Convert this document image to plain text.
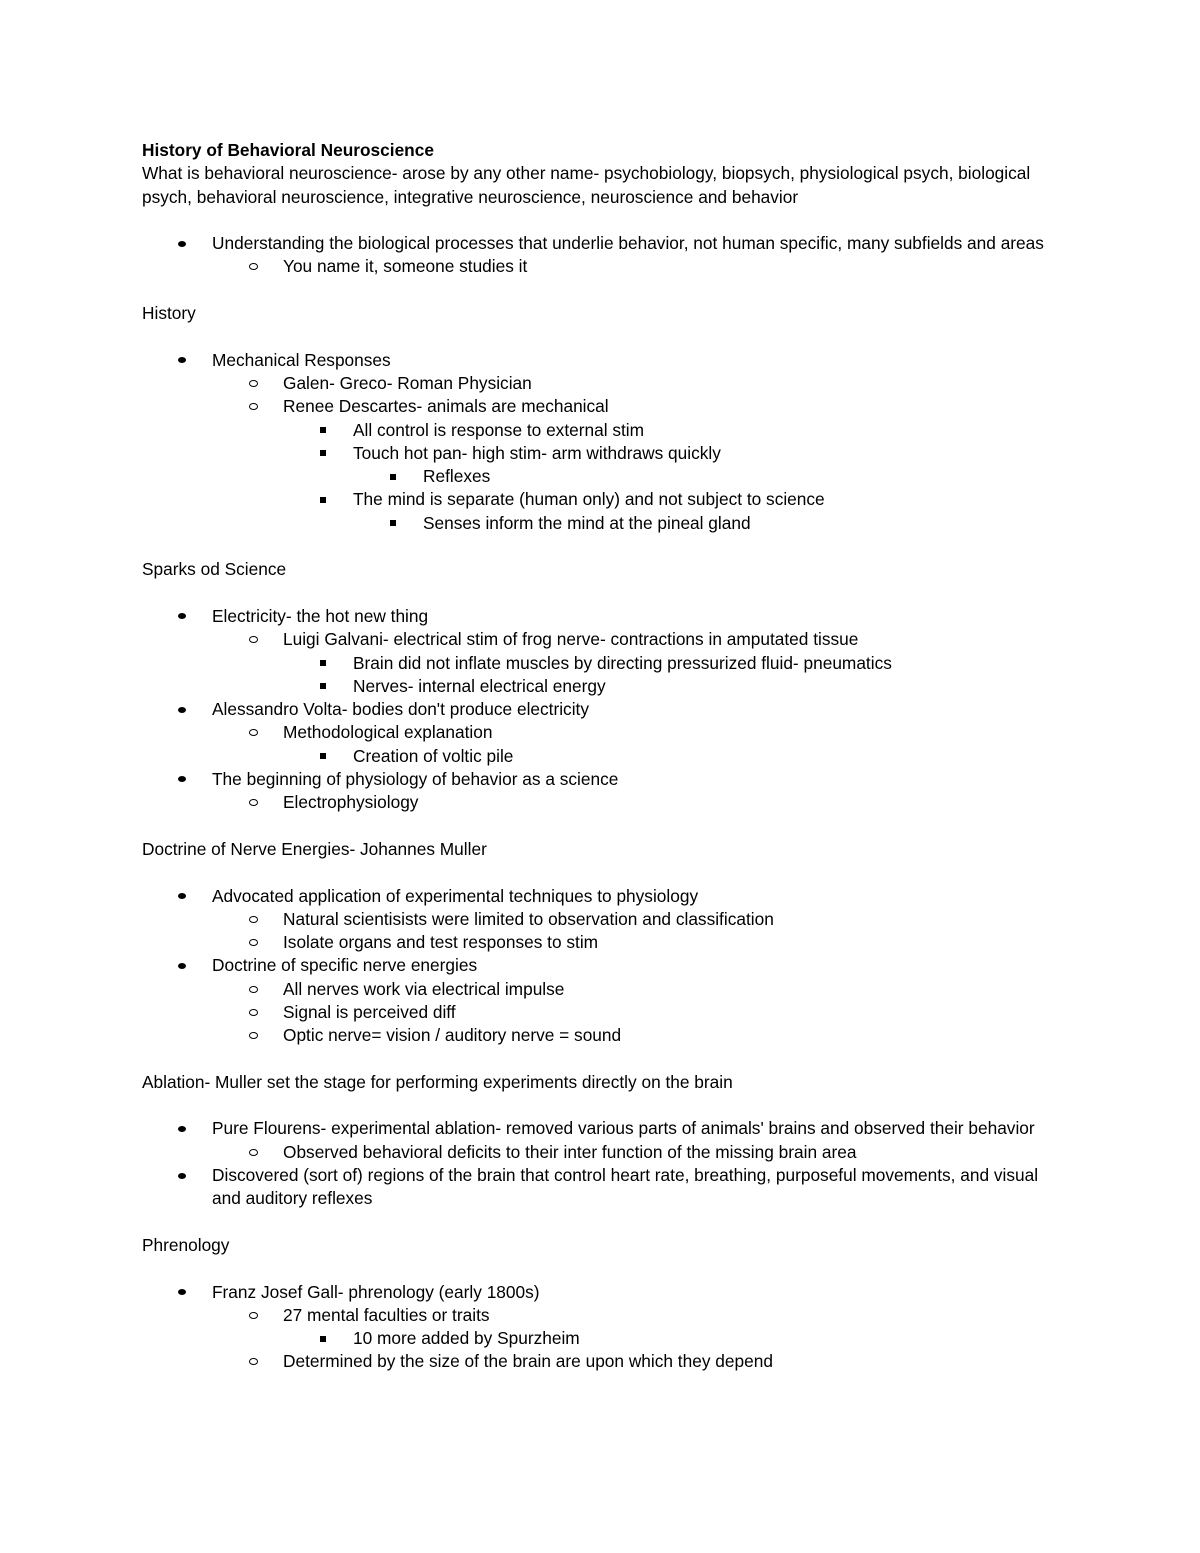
History of Behavioral Neuroscience

What is behavioral neuroscience- arose by any other name- psychobiology, biopsych, physiological psych, biological psych, behavioral neuroscience, integrative neuroscience, neuroscience and behavior

Understanding the biological processes that underlie behavior, not human specific, many subfields and areas
You name it, someone studies it

History

Mechanical Responses
Galen- Greco- Roman Physician
Renee Descartes- animals are mechanical
All control is response to external stim
Touch hot pan- high stim- arm withdraws quickly
Reflexes
The mind is separate (human only) and not subject to science
Senses inform the mind at the pineal gland

Sparks od Science

Electricity- the hot new thing
Luigi Galvani- electrical stim of frog nerve- contractions in amputated tissue
Brain did not inflate muscles by directing pressurized fluid- pneumatics
Nerves- internal electrical energy
Alessandro Volta- bodies don't produce electricity
Methodological explanation
Creation of voltic pile
The beginning of physiology of behavior as a science
Electrophysiology

Doctrine of Nerve Energies- Johannes Muller

Advocated application of experimental techniques to physiology
Natural scientisists were limited to observation and classification
Isolate organs and test responses to stim
Doctrine of specific nerve energies
All nerves work via electrical impulse
Signal is perceived diff
Optic nerve= vision / auditory nerve = sound

Ablation- Muller set the stage for performing experiments directly on the brain

Pure Flourens- experimental ablation- removed various parts of animals' brains and observed their behavior
Observed behavioral deficits to their inter function of the missing brain area
Discovered (sort of) regions of the brain that control heart rate, breathing, purposeful movements, and visual and auditory reflexes

Phrenology

Franz Josef Gall- phrenology (early 1800s)
27 mental faculties or traits
10 more added by Spurzheim
Determined by the size of the brain are upon which they depend
